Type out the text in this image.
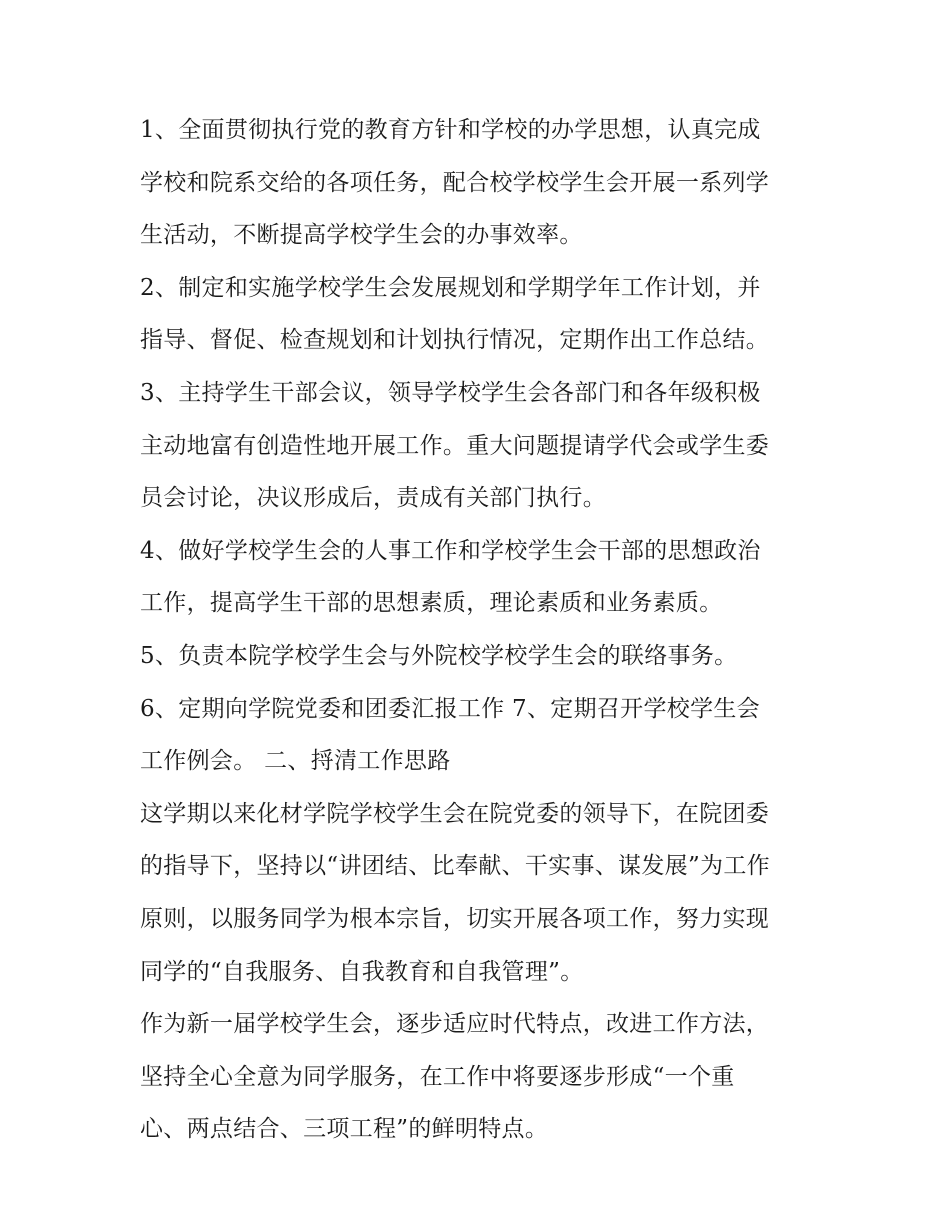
1、全面贯彻执行党的教育方针和学校的办学思想，认真完成
学校和院系交给的各项任务，配合校学校学生会开展一系列学
生活动，不断提高学校学生会的办事效率。
2、制定和实施学校学生会发展规划和学期学年工作计划，并
指导、督促、检查规划和计划执行情况，定期作出工作总结。
3、主持学生干部会议，领导学校学生会各部门和各年级积极
主动地富有创造性地开展工作。重大问题提请学代会或学生委
员会讨论，决议形成后，责成有关部门执行。
4、做好学校学生会的人事工作和学校学生会干部的思想政治
工作，提高学生干部的思想素质，理论素质和业务素质。
5、负责本院学校学生会与外院校学校学生会的联络事务。
6、定期向学院党委和团委汇报工作 7、定期召开学校学生会
工作例会。 二、捋清工作思路
这学期以来化材学院学校学生会在院党委的领导下，在院团委
的指导下，坚持以“讲团结、比奉献、干实事、谋发展”为工作
原则，以服务同学为根本宗旨，切实开展各项工作，努力实现
同学的“自我服务、自我教育和自我管理”。
作为新一届学校学生会，逐步适应时代特点，改进工作方法，
坚持全心全意为同学服务，在工作中将要逐步形成“一个重
心、两点结合、三项工程”的鲜明特点。
